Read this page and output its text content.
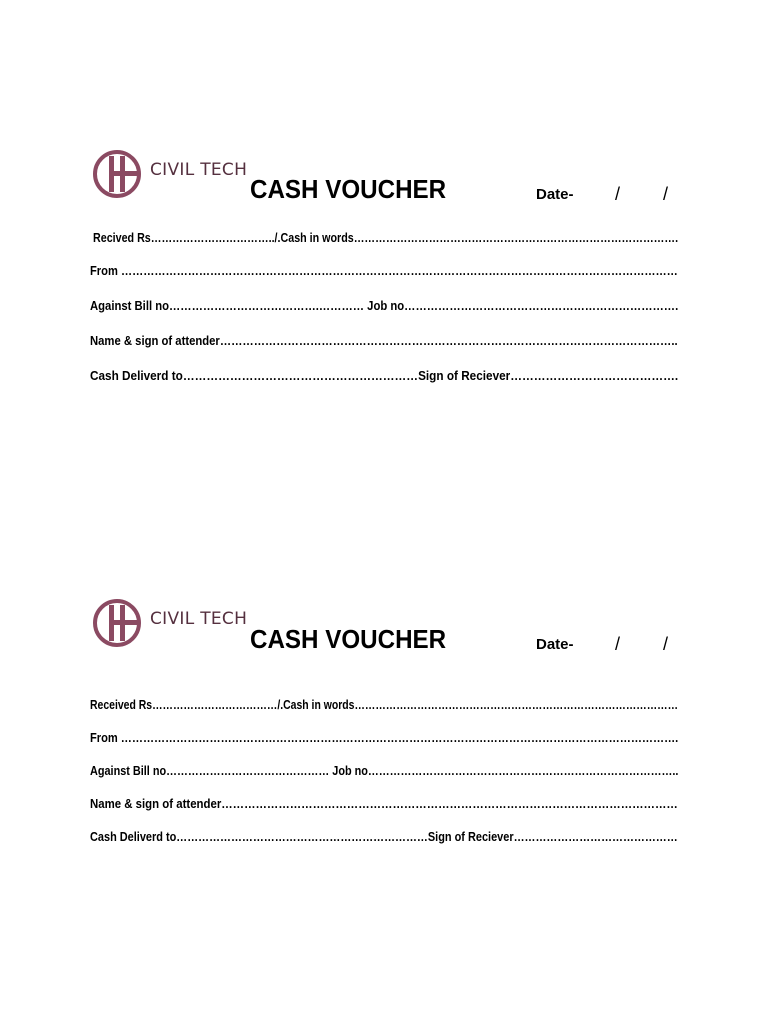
CIVIL TECH
CASH VOUCHER	Date- / /
Recived Rs……………………………../.Cash in words……………………………………………………………………………….
From ……………………………………………………………………………………………………………………………………
Against Bill no………………………………….………… Job no……………………………………………………………….
Name & sign of attender…………………………………………………………………………………………………………..
Cash Deliverd to……………………………………………………Sign of Reciever…………………………………….
CIVIL TECH
CASH VOUCHER	Date- / /
Received Rs………………………………/.Cash in words…………………………………………………………………………………
From …………………………………………………………………………………………………………………………………….
Against Bill no……………………………………… Job no…………………………………………………………………………..
Name & sign of attender…………………………………………………………………………………………………………
Cash Deliverd to……………………………………………………………Sign of Reciever………………………………………
